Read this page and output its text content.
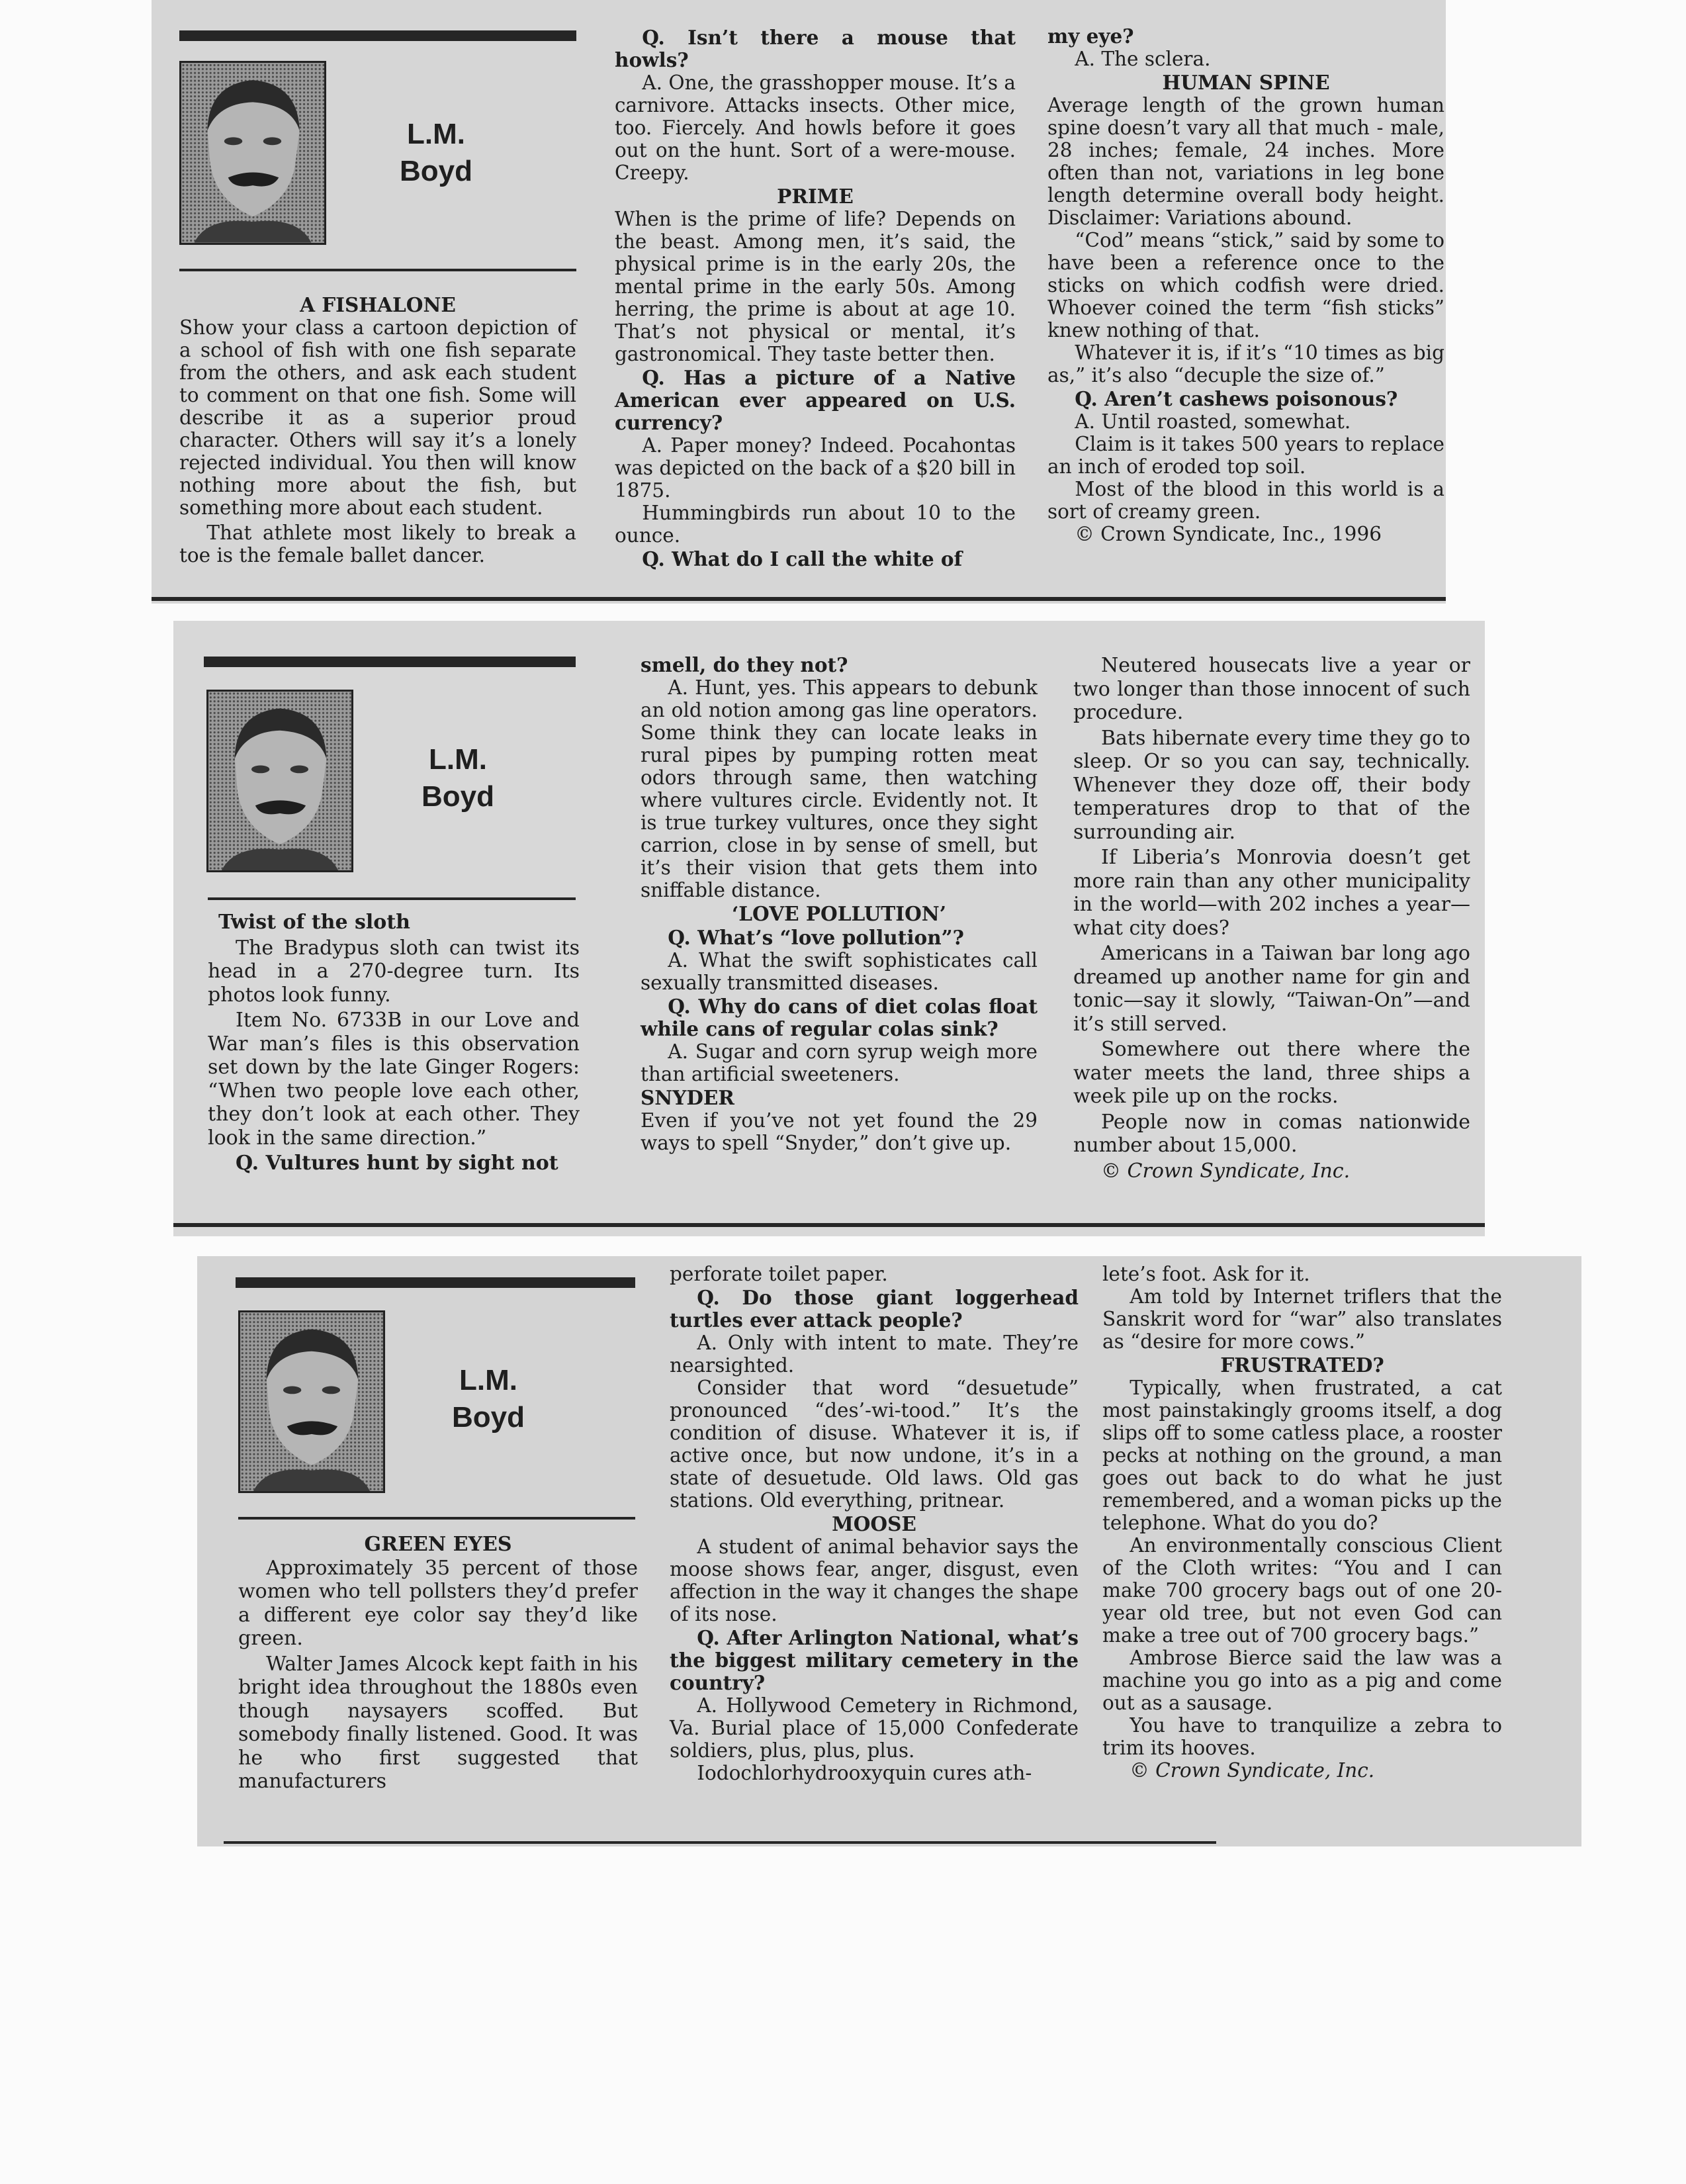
L.M.
Boyd

A FISHALONE

Show your class a cartoon depiction of a school of fish with one fish separate from the others, and ask each student to comment on that one fish. Some will describe it as a superior proud character. Others will say it’s a lonely rejected individual. You then will know nothing more about the fish, but something more about each student.

That athlete most likely to break a toe is the female ballet dancer.

Q. Isn’t there a mouse that howls?

A. One, the grasshopper mouse. It’s a carnivore. Attacks insects. Other mice, too. Fiercely. And howls before it goes out on the hunt. Sort of a were-mouse. Creepy.

PRIME

When is the prime of life? Depends on the beast. Among men, it’s said, the physical prime is in the early 20s, the mental prime in the early 50s. Among herring, the prime is about at age 10. That’s not physical or mental, it’s gastronomical. They taste better then.

Q. Has a picture of a Native American ever appeared on U.S. currency?

A. Paper money? Indeed. Pocahontas was depicted on the back of a $20 bill in 1875.

Hummingbirds run about 10 to the ounce.

Q. What do I call the white of

my eye?

A. The sclera.

HUMAN SPINE

Average length of the grown human spine doesn’t vary all that much - male, 28 inches; female, 24 inches. More often than not, variations in leg bone length determine overall body height. Disclaimer: Variations abound.

“Cod” means “stick,” said by some to have been a reference once to the sticks on which codfish were dried. Whoever coined the term “fish sticks” knew nothing of that.

Whatever it is, if it’s “10 times as big as,” it’s also “decuple the size of.”

Q. Aren’t cashews poisonous?

A. Until roasted, somewhat.

Claim is it takes 500 years to replace an inch of eroded top soil.

Most of the blood in this world is a sort of creamy green.

© Crown Syndicate, Inc., 1996

L.M.
Boyd

Twist of the sloth

The Bradypus sloth can twist its head in a 270-degree turn. Its photos look funny.

Item No. 6733B in our Love and War man’s files is this observation set down by the late Ginger Rogers: “When two people love each other, they don’t look at each other. They look in the same direction.”

Q. Vultures hunt by sight not

smell, do they not?

A. Hunt, yes. This appears to debunk an old notion among gas line operators. Some think they can locate leaks in rural pipes by pumping rotten meat odors through same, then watching where vultures circle. Evidently not. It is true turkey vultures, once they sight carrion, close in by sense of smell, but it’s their vision that gets them into sniffable distance.

‘LOVE POLLUTION’

Q. What’s “love pollution”?

A. What the swift sophisticates call sexually transmitted diseases.

Q. Why do cans of diet colas float while cans of regular colas sink?

A. Sugar and corn syrup weigh more than artificial sweeteners.

SNYDER

Even if you’ve not yet found the 29 ways to spell “Snyder,” don’t give up.

Neutered housecats live a year or two longer than those innocent of such procedure.

Bats hibernate every time they go to sleep. Or so you can say, technically. Whenever they doze off, their body temperatures drop to that of the surrounding air.

If Liberia’s Monrovia doesn’t get more rain than any other municipality in the world—with 202 inches a year—what city does?

Americans in a Taiwan bar long ago dreamed up another name for gin and tonic—say it slowly, “Taiwan-On”—and it’s still served.

Somewhere out there where the water meets the land, three ships a week pile up on the rocks.

People now in comas nationwide number about 15,000.

© Crown Syndicate, Inc.

L.M.
Boyd

GREEN EYES

Approximately 35 percent of those women who tell pollsters they’d prefer a different eye color say they’d like green.

Walter James Alcock kept faith in his bright idea throughout the 1880s even though naysayers scoffed. But somebody finally listened. Good. It was he who first suggested that manufacturers

perforate toilet paper.

Q. Do those giant loggerhead turtles ever attack people?

A. Only with intent to mate. They’re nearsighted.

Consider that word “desuetude” pronounced “des’-wi-tood.” It’s the condition of disuse. Whatever it is, if active once, but now undone, it’s in a state of desuetude. Old laws. Old gas stations. Old everything, pritnear.

MOOSE

A student of animal behavior says the moose shows fear, anger, disgust, even affection in the way it changes the shape of its nose.

Q. After Arlington National, what’s the biggest military cemetery in the country?

A. Hollywood Cemetery in Richmond, Va. Burial place of 15,000 Confederate soldiers, plus, plus, plus.

Iodochlorhydrooxyquin cures ath-

lete’s foot. Ask for it.

Am told by Internet triflers that the Sanskrit word for “war” also translates as “desire for more cows.”

FRUSTRATED?

Typically, when frustrated, a cat most painstakingly grooms itself, a dog slips off to some catless place, a rooster pecks at nothing on the ground, a man goes out back to do what he just remembered, and a woman picks up the telephone. What do you do?

An environmentally conscious Client of the Cloth writes: “You and I can make 700 grocery bags out of one 20-year old tree, but not even God can make a tree out of 700 grocery bags.”

Ambrose Bierce said the law was a machine you go into as a pig and come out as a sausage.

You have to tranquilize a zebra to trim its hooves.

© Crown Syndicate, Inc.
